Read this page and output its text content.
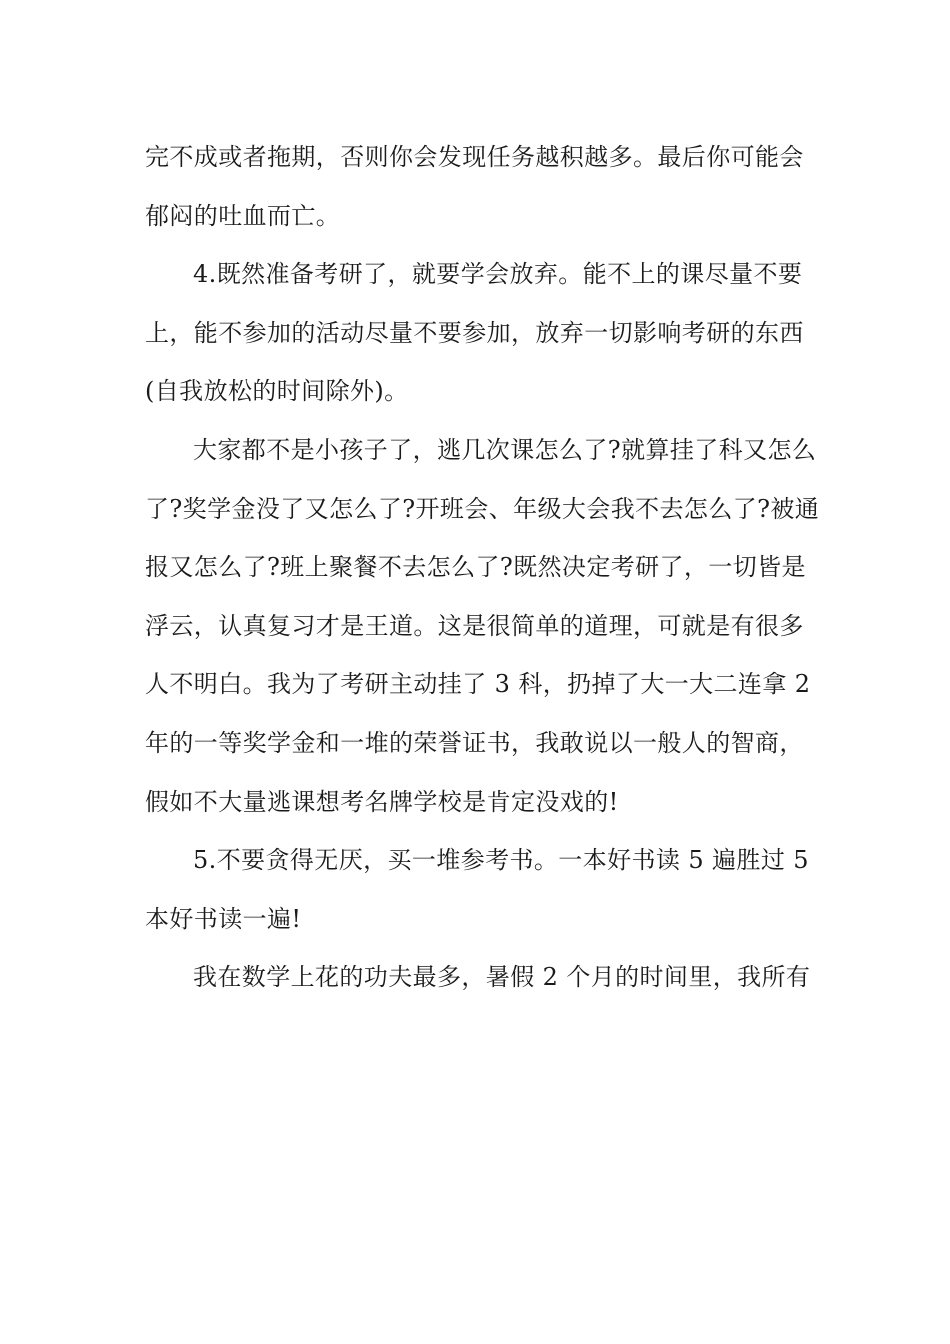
完不成或者拖期，否则你会发现任务越积越多。最后你可能会
郁闷的吐血而亡。
4.既然准备考研了，就要学会放弃。能不上的课尽量不要
上，能不参加的活动尽量不要参加，放弃一切影响考研的东西
(自我放松的时间除外)。
大家都不是小孩子了，逃几次课怎么了?就算挂了科又怎么
了?奖学金没了又怎么了?开班会、年级大会我不去怎么了?被通
报又怎么了?班上聚餐不去怎么了?既然决定考研了，一切皆是
浮云，认真复习才是王道。这是很简单的道理，可就是有很多
人不明白。我为了考研主动挂了 3 科，扔掉了大一大二连拿 2
年的一等奖学金和一堆的荣誉证书，我敢说以一般人的智商，
假如不大量逃课想考名牌学校是肯定没戏的!
5.不要贪得无厌，买一堆参考书。一本好书读 5 遍胜过 5
本好书读一遍!
我在数学上花的功夫最多，暑假 2 个月的时间里，我所有
